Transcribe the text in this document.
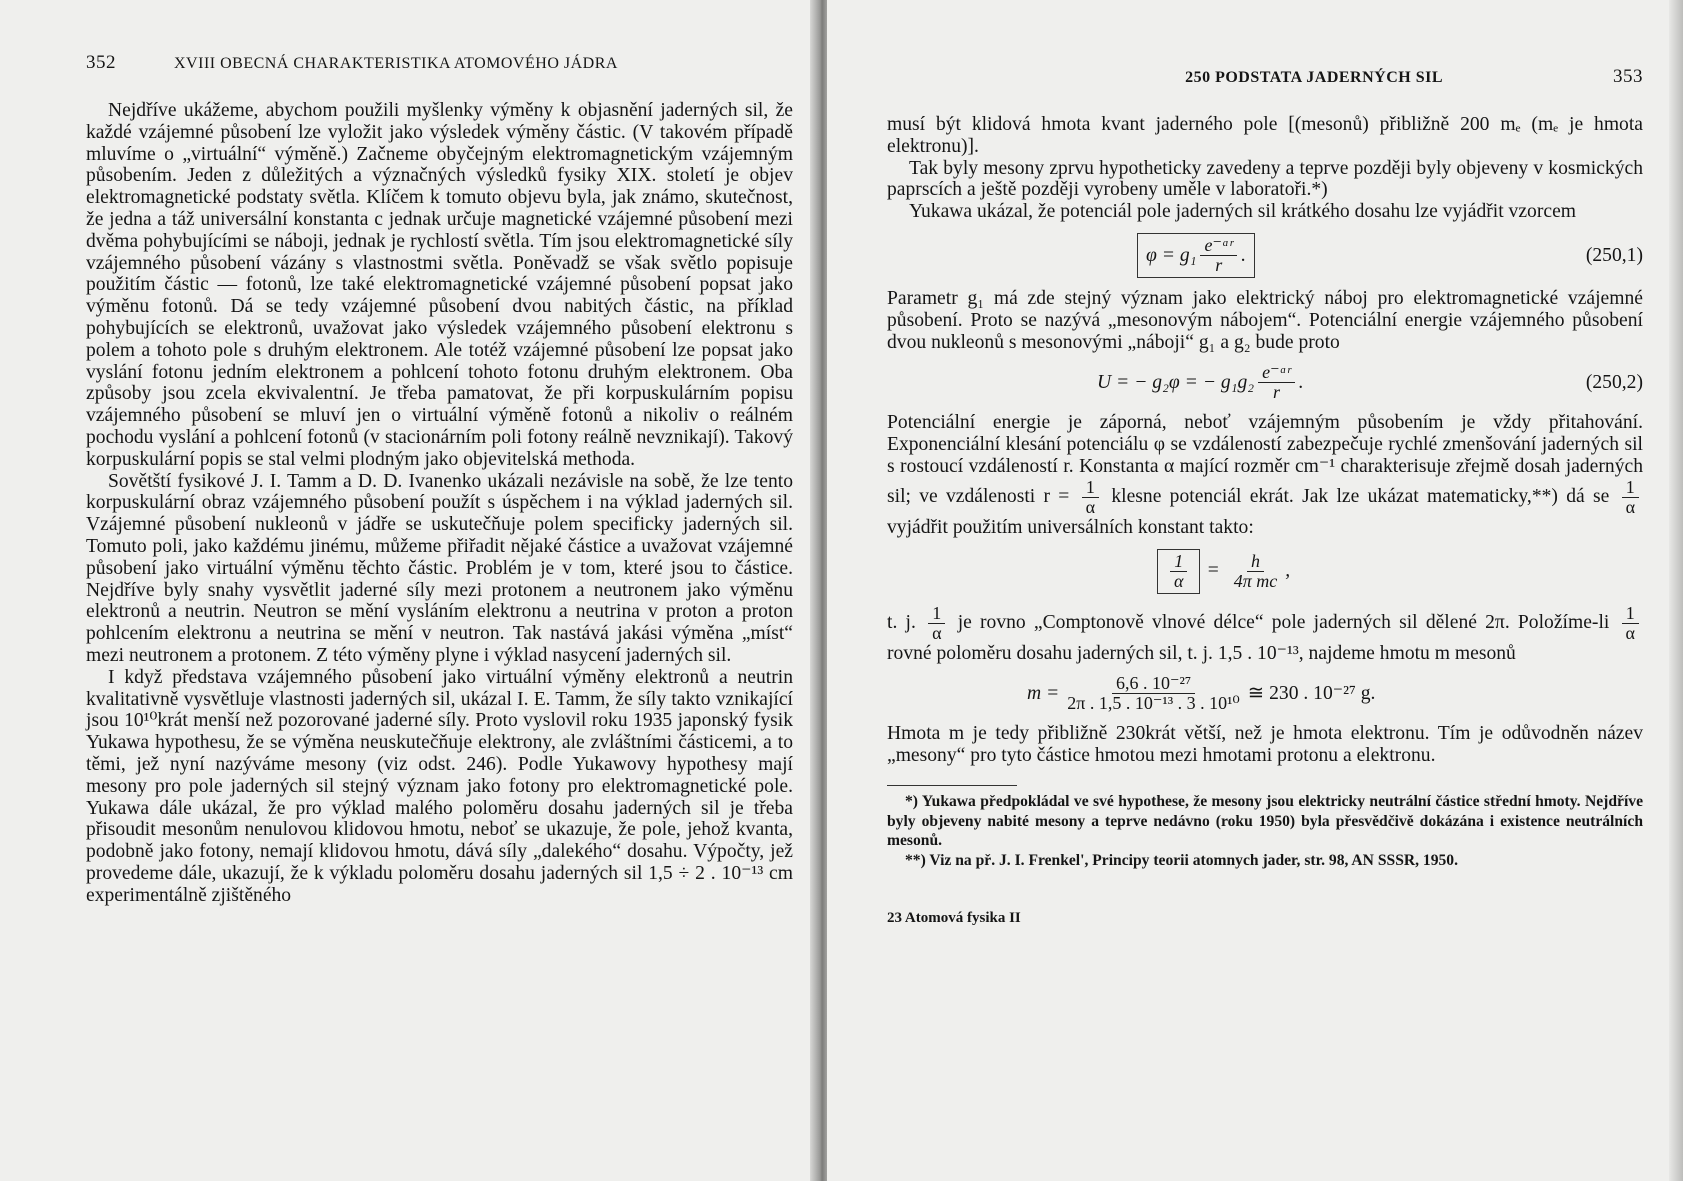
352	XVIII OBECNÁ CHARAKTERISTIKA ATOMOVÉHO JÁDRA

Nejdříve ukážeme, abychom použili myšlenky výměny k objasnění jaderných sil, že každé vzájemné působení lze vyložit jako výsledek výměny částic. (V takovém případě mluvíme o „virtuální“ výměně.) Začneme obyčejným elektromagnetickým vzájemným působením. Jeden z důležitých a význačných výsledků fysiky XIX. století je objev elektromagnetické podstaty světla. Klíčem k tomuto objevu byla, jak známo, skutečnost, že jedna a táž universální konstanta c jednak určuje magnetické vzájemné působení mezi dvěma pohybujícími se náboji, jednak je rychlostí světla. Tím jsou elektromagnetické síly vzájemného působení vázány s vlastnostmi světla. Poněvadž se však světlo popisuje použitím částic — fotonů, lze také elektromagnetické vzájemné působení popsat jako výměnu fotonů. Dá se tedy vzájemné působení dvou nabitých částic, na příklad pohybujících se elektronů, uvažovat jako výsledek vzájemného působení elektronu s polem a tohoto pole s druhým elektronem. Ale totéž vzájemné působení lze popsat jako vyslání fotonu jedním elektronem a pohlcení tohoto fotonu druhým elektronem. Oba způsoby jsou zcela ekvivalentní. Je třeba pamatovat, že při korpuskulárním popisu vzájemného působení se mluví jen o virtuální výměně fotonů a nikoliv o reálném pochodu vyslání a pohlcení fotonů (v stacionárním poli fotony reálně nevznikají). Takový korpuskulární popis se stal velmi plodným jako objevitelská methoda.

Sovětští fysikové J. I. Tamm a D. D. Ivanenko ukázali nezávisle na sobě, že lze tento korpuskulární obraz vzájemného působení použít s úspěchem i na výklad jaderných sil. Vzájemné působení nukleonů v jádře se uskutečňuje polem specificky jaderných sil. Tomuto poli, jako každému jinému, můžeme přiřadit nějaké částice a uvažovat vzájemné působení jako virtuální výměnu těchto částic. Problém je v tom, které jsou to částice. Nejdříve byly snahy vysvětlit jaderné síly mezi protonem a neutronem jako výměnu elektronů a neutrin. Neutron se mění vysláním elektronu a neutrina v proton a proton pohlcením elektronu a neutrina se mění v neutron. Tak nastává jakási výměna „míst“ mezi neutronem a protonem. Z této výměny plyne i výklad nasycení jaderných sil.

I když představa vzájemného působení jako virtuální výměny elektronů a neutrin kvalitativně vysvětluje vlastnosti jaderných sil, ukázal I. E. Tamm, že síly takto vznikající jsou 10¹⁰krát menší než pozorované jaderné síly. Proto vyslovil roku 1935 japonský fysik Yukawa hypothesu, že se výměna neuskutečňuje elektrony, ale zvláštními částicemi, a to těmi, jež nyní nazýváme mesony (viz odst. 246). Podle Yukawovy hypothesy mají mesony pro pole jaderných sil stejný význam jako fotony pro elektromagnetické pole. Yukawa dále ukázal, že pro výklad malého poloměru dosahu jaderných sil je třeba přisoudit mesonům nenulovou klidovou hmotu, neboť se ukazuje, že pole, jehož kvanta, podobně jako fotony, nemají klidovou hmotu, dává síly „dalekého“ dosahu. Výpočty, jež provedeme dále, ukazují, že k výkladu poloměru dosahu jaderných sil 1,5 ÷ 2 . 10⁻¹³ cm experimentálně zjištěného

250 PODSTATA JADERNÝCH SIL	353

musí být klidová hmota kvant jaderného pole [(mesonů) přibližně 200 mₑ (mₑ je hmota elektronu)].

Tak byly mesony zprvu hypotheticky zavedeny a teprve později byly objeveny v kosmických paprscích a ještě později vyrobeny uměle v laboratoři.*)

Yukawa ukázal, že potenciál pole jaderných sil krátkého dosahu lze vyjádřit vzorcem

$\varphi = g_1 \frac{\text{e⁻ᵅʳ}}{r}$ .	(250,1)

Parametr g₁ má zde stejný význam jako elektrický náboj pro elektromagnetické vzájemné působení. Proto se nazývá „mesonovým nábojem“. Potenciální energie vzájemného působení dvou nukleonů s mesonovými „náboji“ g₁ a g₂ bude proto

U = − g₂φ = − $g_1g_2 \frac{\text{e⁻ᵅʳ}}{r}$ .	(250,2)

Potenciální energie je záporná, neboť vzájemným působením je vždy přitahování. Exponenciální klesání potenciálu φ se vzdáleností zabezpečuje rychlé zmenšování jaderných sil s rostoucí vzdáleností r. Konstanta α mající rozměr cm⁻¹ charakterisuje zřejmě dosah jaderných sil; ve vzdálenosti $r = \frac{1}{\alpha}$ klesne potenciál ekrát. Jak lze ukázat matematicky,**) dá se $\frac{1}{\alpha}$
vyjádřit použitím universálních konstant takto:

$\frac{1}{\alpha} = \frac{h}{\text{4π mc}}$ ,

t. j. $\frac{1}{\alpha}$ je rovno „Comptonově vlnové délce“ pole jaderných sil dělené 2π. Položíme-li $\frac{1}{\alpha}$
rovné poloměru dosahu jaderných sil, t. j. 1,5 . 10⁻¹³, najdeme hmotu m mesonů

$m = \frac{\text{6,6 . 10⁻²⁷}}{\text{2π . 1,5 . 10⁻¹³ . 3 . 10¹⁰}}$ ≅ 230 . 10⁻²⁷ g.

Hmota m je tedy přibližně 230krát větší, než je hmota elektronu. Tím je odůvodněn název „mesony“ pro tyto částice hmotou mezi hmotami protonu a elektronu.

*) Yukawa předpokládal ve své hypothese, že mesony jsou elektricky neutrální částice střední hmoty. Nejdříve byly objeveny nabité mesony a teprve nedávno (roku 1950) byla přesvědčivě dokázána i existence neutrálních mesonů.

**) Viz na př. J. I. Frenkel', Principy teorii atomnych jader, str. 98, AN SSSR, 1950.

23 Atomová fysika II
